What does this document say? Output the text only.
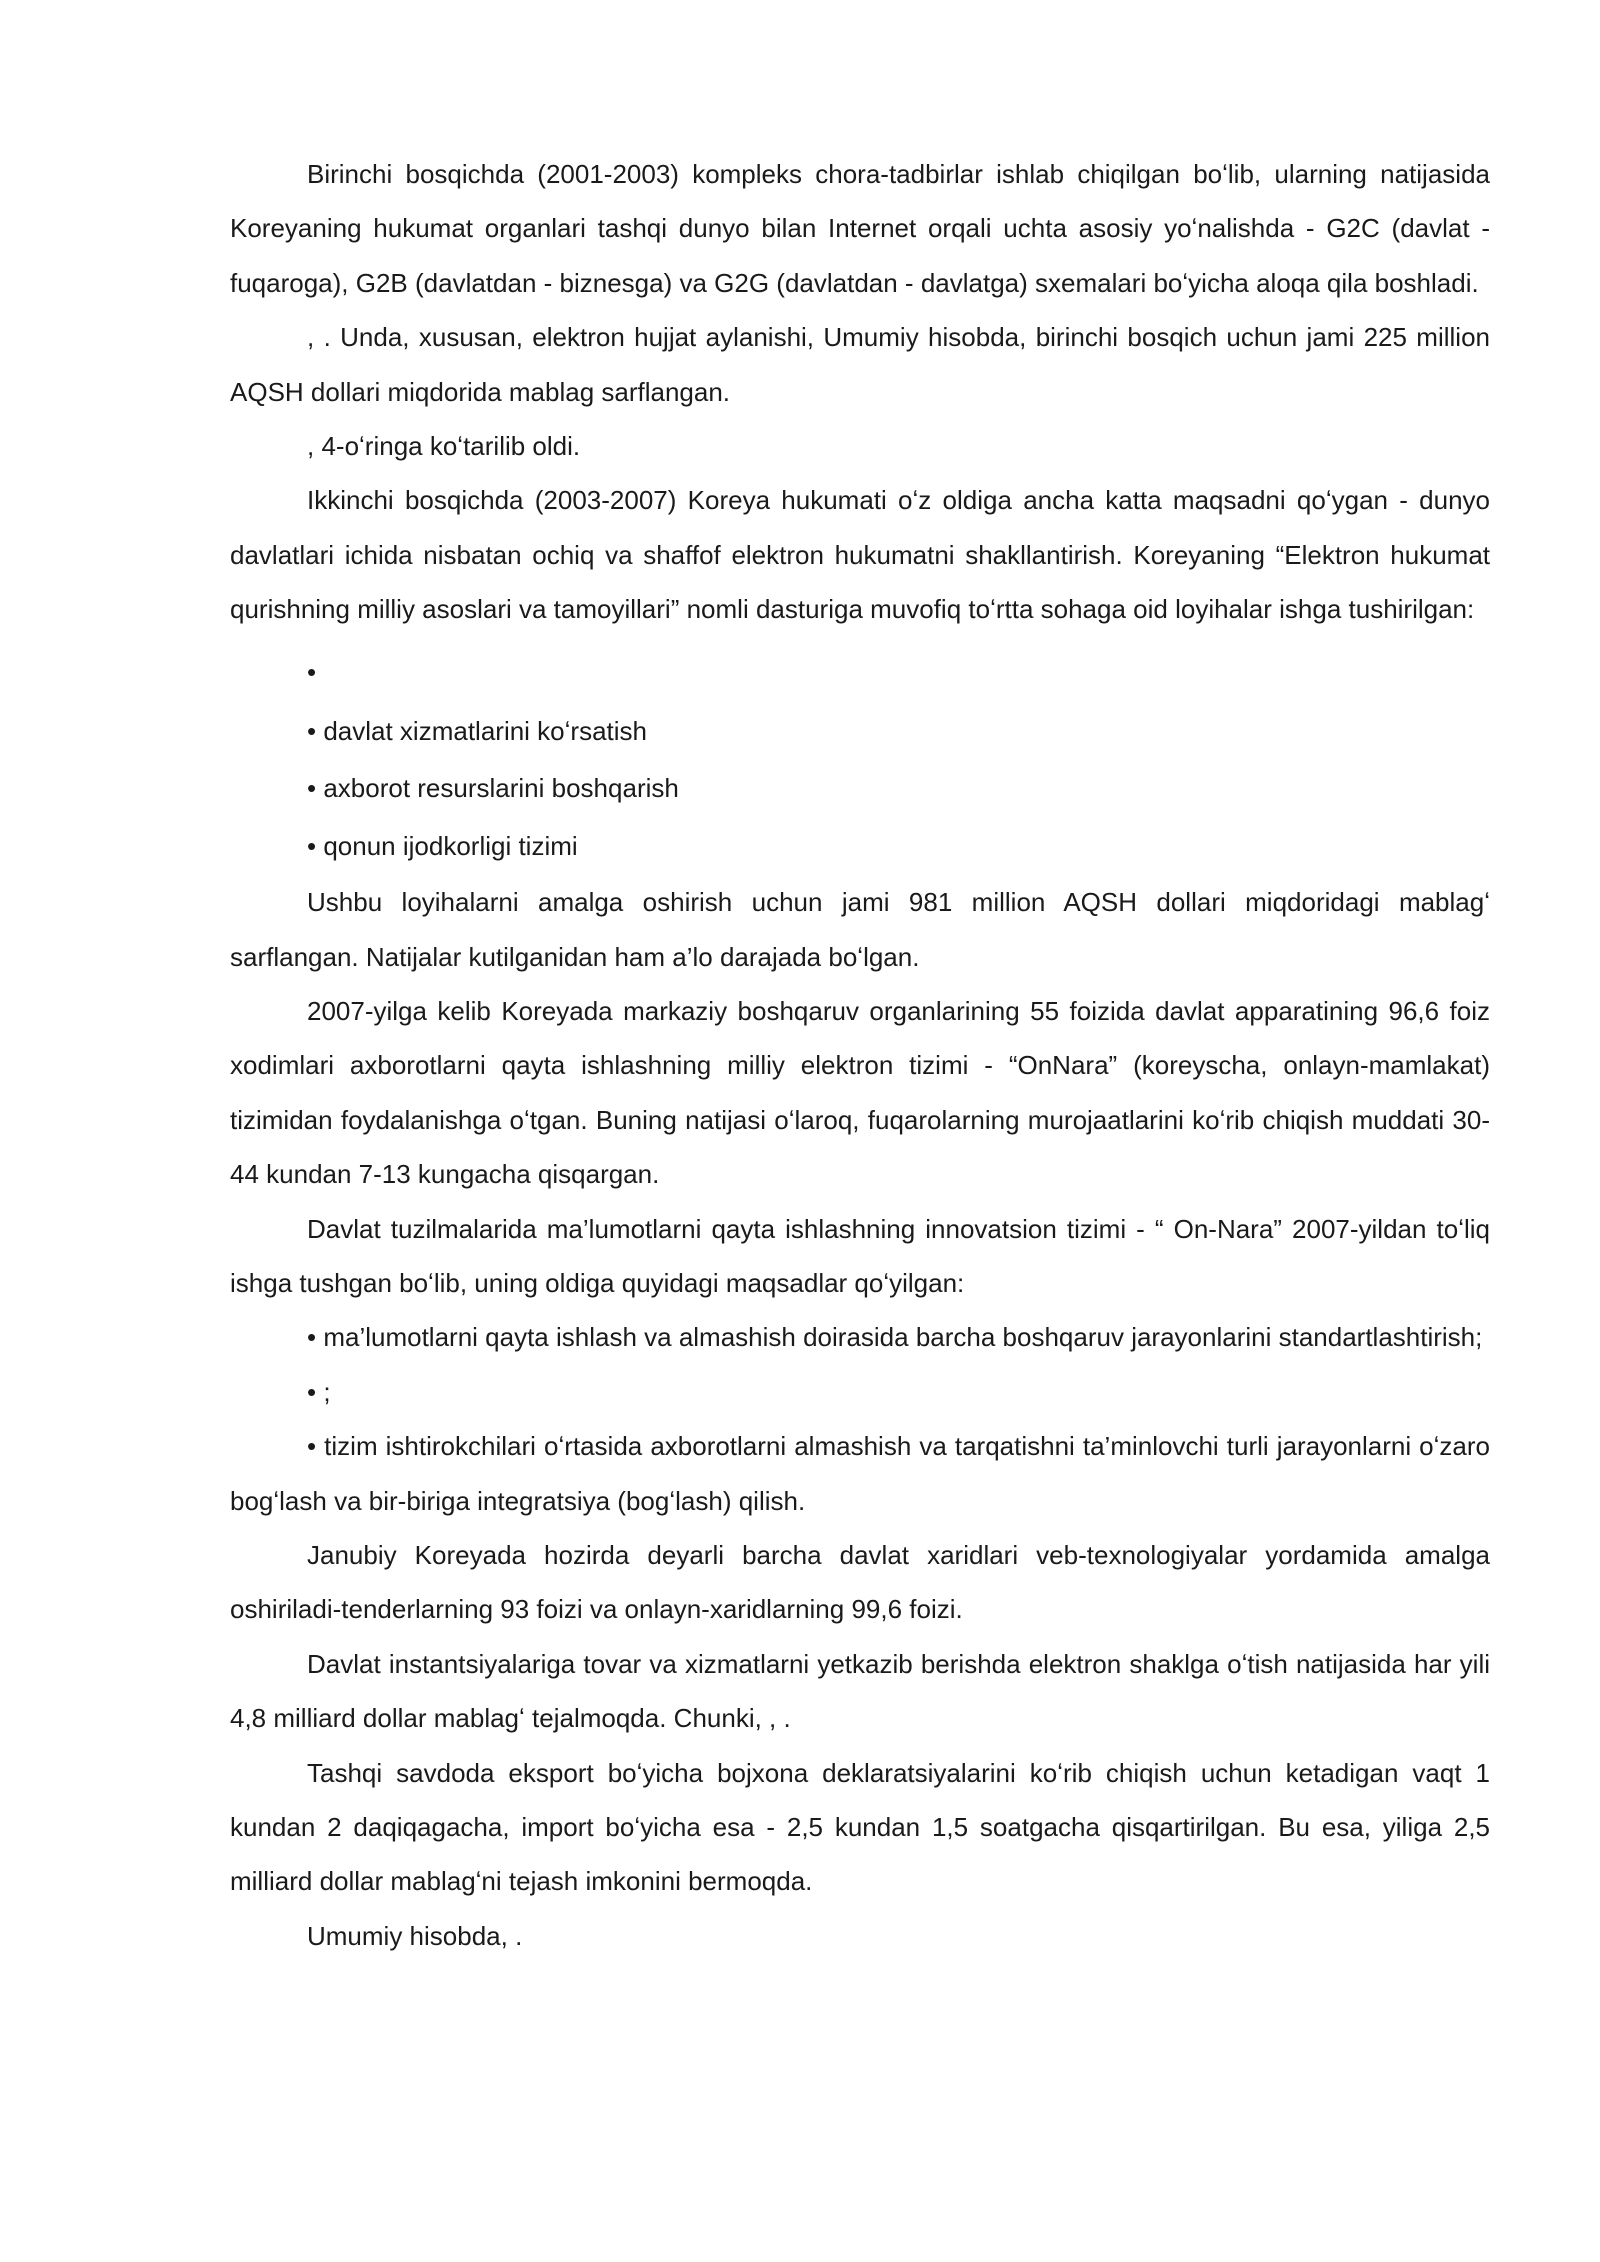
Birinchi bosqichda (2001-2003) kompleks chora-tadbirlar ishlab chiqilgan boʻlib, ularning natijasida Koreyaning hukumat organlari tashqi dunyo bilan Internet orqali uchta asosiy yoʻnalishda - G2C (davlat - fuqaroga), G2B (davlatdan - biznesga) va G2G (davlatdan - davlatga) sxemalari boʻyicha aloqa qila boshladi.

, . Unda, xususan, elektron hujjat aylanishi, Umumiy hisobda, birinchi bosqich uchun jami 225 million AQSH dollari miqdorida mablag sarflangan.

, 4-oʻringa koʻtarilib oldi.

Ikkinchi bosqichda (2003-2007) Koreya hukumati oʻz oldiga ancha katta maqsadni qoʻygan - dunyo davlatlari ichida nisbatan ochiq va shaffof elektron hukumatni shakllantirish. Koreyaning “Elektron hukumat qurishning milliy asoslari va tamoyillari” nomli dasturiga muvofiq toʻrtta sohaga oid loyihalar ishga tushirilgan:

•

• davlat xizmatlarini koʻrsatish

• axborot resurslarini boshqarish

• qonun ijodkorligi tizimi

Ushbu loyihalarni amalga oshirish uchun jami 981 million AQSH dollari miqdoridagi mablagʻ sarflangan. Natijalar kutilganidan ham a’lo darajada boʻlgan.

2007-yilga kelib Koreyada markaziy boshqaruv organlarining 55 foizida davlat apparatining 96,6 foiz xodimlari axborotlarni qayta ishlashning milliy elektron tizimi - “OnNara” (koreyscha, onlayn-mamlakat) tizimidan foydalanishga oʻtgan. Buning natijasi oʻlaroq, fuqarolarning murojaatlarini koʻrib chiqish muddati 30-44 kundan 7-13 kungacha qisqargan.

Davlat tuzilmalarida ma’lumotlarni qayta ishlashning innovatsion tizimi - “ On-Nara” 2007-yildan toʻliq ishga tushgan boʻlib, uning oldiga quyidagi maqsadlar qoʻyilgan:

• ma’lumotlarni qayta ishlash va almashish doirasida barcha boshqaruv jarayonlarini standartlashtirish;

• ;

• tizim ishtirokchilari oʻrtasida axborotlarni almashish va tarqatishni ta’minlovchi turli jarayonlarni oʻzaro bogʻlash va bir-biriga integratsiya (bogʻlash) qilish.

Janubiy Koreyada hozirda deyarli barcha davlat xaridlari veb-texnologiyalar yordamida amalga oshiriladi-tenderlarning 93 foizi va onlayn-xaridlarning 99,6 foizi.

Davlat instantsiyalariga tovar va xizmatlarni yetkazib berishda elektron shaklga oʻtish natijasida har yili 4,8 milliard dollar mablagʻ tejalmoqda. Chunki, , .

Tashqi savdoda eksport boʻyicha bojxona deklaratsiyalarini koʻrib chiqish uchun ketadigan vaqt 1 kundan 2 daqiqagacha, import boʻyicha esa - 2,5 kundan 1,5 soatgacha qisqartirilgan. Bu esa, yiliga 2,5 milliard dollar mablagʻni tejash imkonini bermoqda.

Umumiy hisobda, .
